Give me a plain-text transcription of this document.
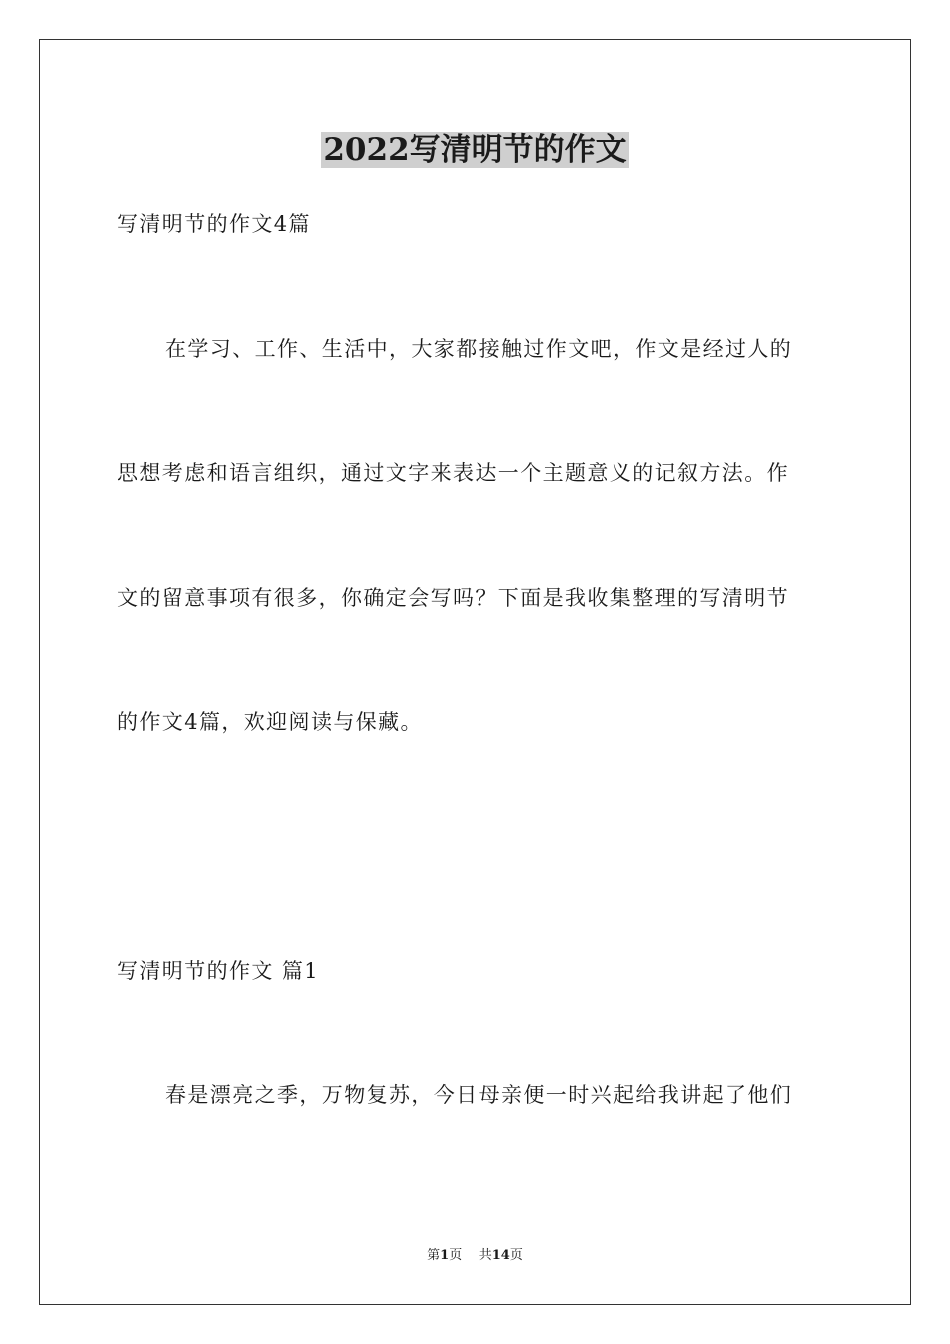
2022写清明节的作文
写清明节的作文4篇
在学习、工作、生活中，大家都接触过作文吧，作文是经过人的
思想考虑和语言组织，通过文字来表达一个主题意义的记叙方法。作
文的留意事项有很多，你确定会写吗？下面是我收集整理的写清明节
的作文4篇，欢迎阅读与保藏。
写清明节的作文 篇1
春是漂亮之季，万物复苏，今日母亲便一时兴起给我讲起了他们
第1页 共14页
